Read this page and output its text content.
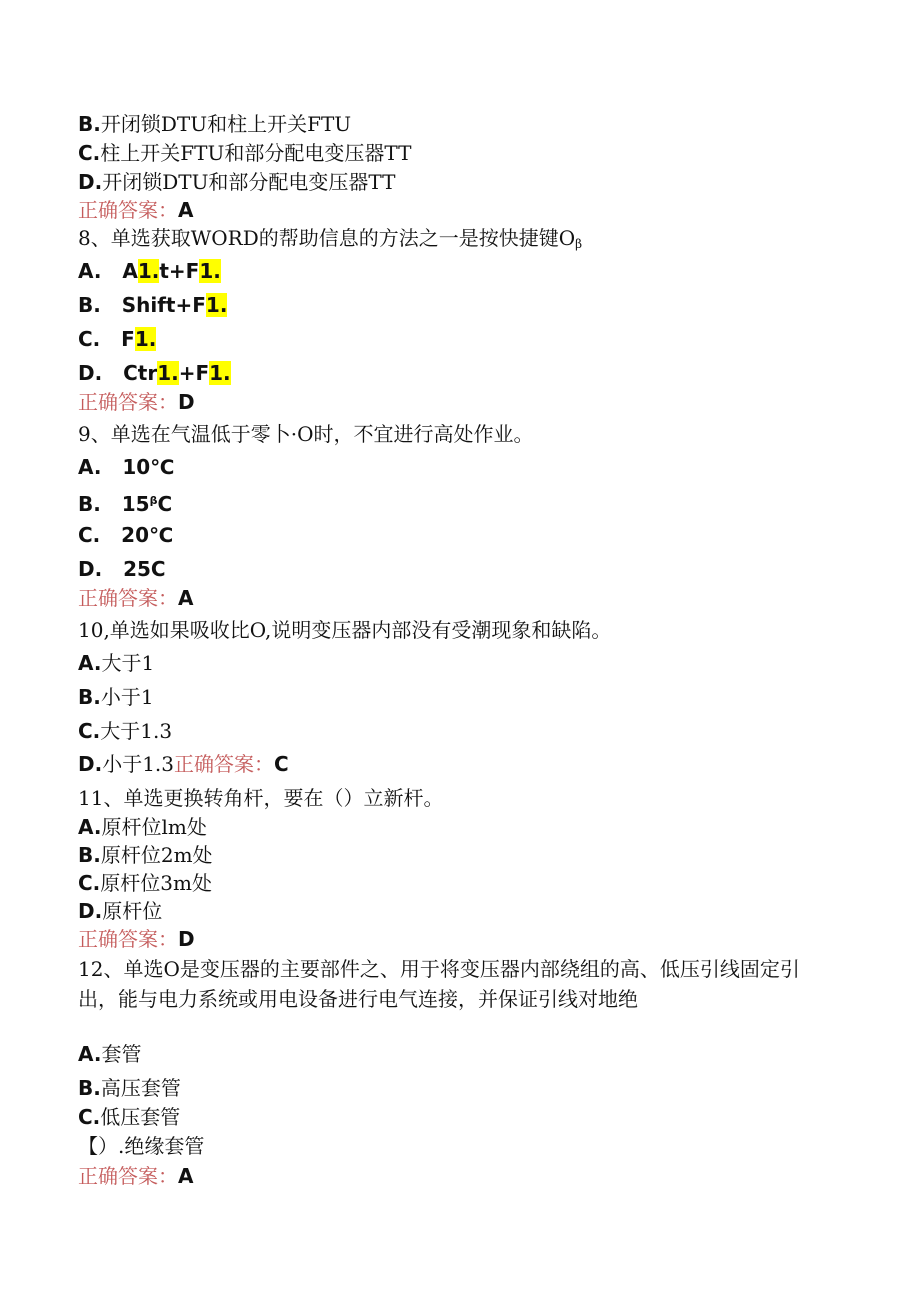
B.开闭锁DTU和柱上开关FTU
C.柱上开关FTU和部分配电变压器TT
D.开闭锁DTU和部分配电变压器TT
正确答案：A
8、单选获取WORD的帮助信息的方法之一是按快捷键$O_\beta$
A. A1.t+F1.
B. Shift+F1.
C. F1.
D. Ctr1.+F1.
正确答案：D
9、单选在气温低于零卜·O时，不宜进行高处作业。
A. 10℃
B. $15^\beta C$
C. 20℃
D. 25C
正确答案：A
10,单选如果吸收比O,说明变压器内部没有受潮现象和缺陷。
A.大于1
B.小于1
C.大于1.3
D.小于1.3正确答案：C
11、单选更换转角杆，要在（）立新杆。
A.原杆位lm处
B.原杆位2m处
C.原杆位3m处
D.原杆位
正确答案：D
12、单选O是变压器的主要部件之、用于将变压器内部绕组的高、低压引线固定引出，能与电力系统或用电设备进行电气连接，并保证引线对地绝
A.套管
B.高压套管
C.低压套管
【）.绝缘套管
正确答案：A
